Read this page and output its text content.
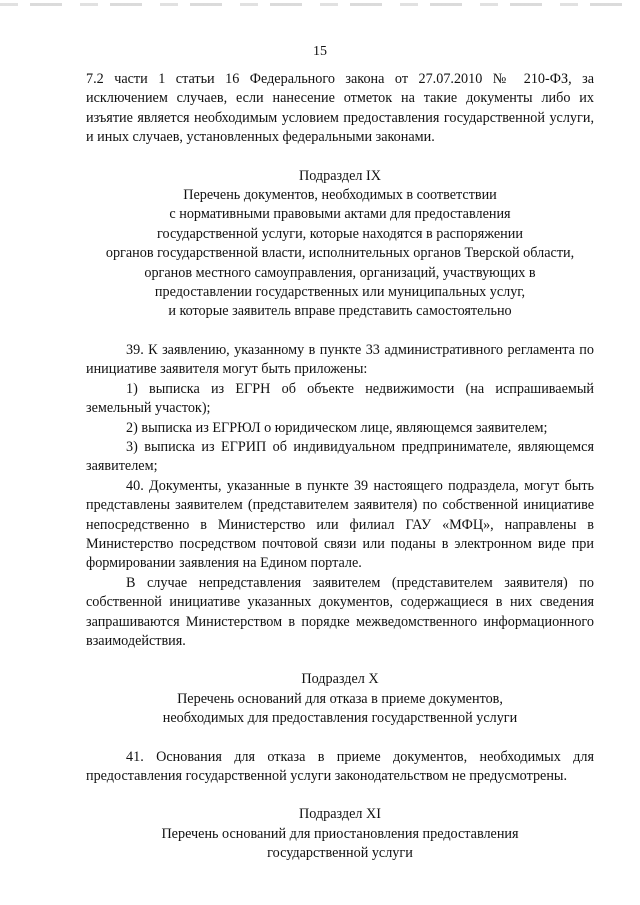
15

7.2 части 1 статьи 16 Федерального закона от 27.07.2010 № 210-ФЗ, за исключением случаев, если нанесение отметок на такие документы либо их изъятие является необходимым условием предоставления государственной услуги, и иных случаев, установленных федеральными законами.

Подраздел IX
Перечень документов, необходимых в соответствии
с нормативными правовыми актами для предоставления
государственной услуги, которые находятся в распоряжении
органов государственной власти, исполнительных органов Тверской области,
органов местного самоуправления, организаций, участвующих в
предоставлении государственных или муниципальных услуг,
и которые заявитель вправе представить самостоятельно

39. К заявлению, указанному в пункте 33 административного регламента по инициативе заявителя могут быть приложены:

1) выписка из ЕГРН об объекте недвижимости (на испрашиваемый земельный участок);

2) выписка из ЕГРЮЛ о юридическом лице, являющемся заявителем;

3) выписка из ЕГРИП об индивидуальном предпринимателе, являющемся заявителем;

40. Документы, указанные в пункте 39 настоящего подраздела, могут быть представлены заявителем (представителем заявителя) по собственной инициативе непосредственно в Министерство или филиал ГАУ «МФЦ», направлены в Министерство посредством почтовой связи или поданы в электронном виде при формировании заявления на Едином портале.

В случае непредставления заявителем (представителем заявителя) по собственной инициативе указанных документов, содержащиеся в них сведения запрашиваются Министерством в порядке межведомственного информационного взаимодействия.

Подраздел X
Перечень оснований для отказа в приеме документов,
необходимых для предоставления государственной услуги

41. Основания для отказа в приеме документов, необходимых для предоставления государственной услуги законодательством не предусмотрены.

Подраздел XI
Перечень оснований для приостановления предоставления
государственной услуги
